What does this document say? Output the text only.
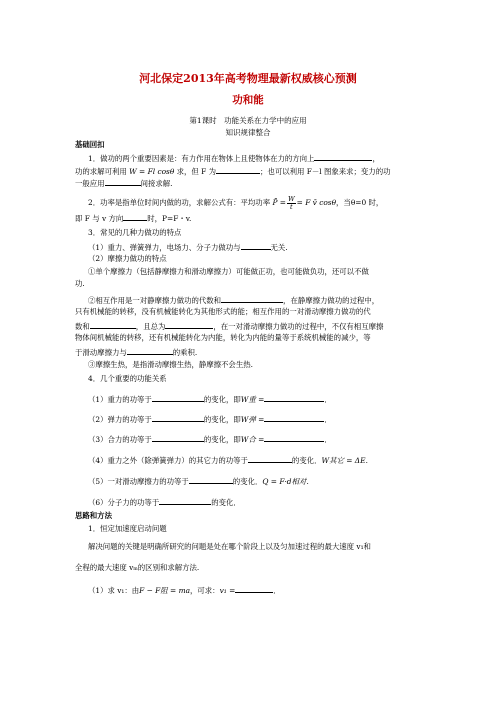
河北保定2013年高考物理最新权威核心预测
功和能
第1课时　功能关系在力学中的应用
知识规律整合
基础回扣
1．做功的两个重要因素是：有力作用在物体上且使物体在力的方向上	，
功的求解可利用 W = Fl cosθ 求，但 F 为	；也可以利用 F－l 图象来求；变力的功
一般应用	间接求解.
2．功率是指单位时间内做的功，求解公式有：平均功率 P̄ = $\frac{W}{t} = F$ v̄ cosθ，当θ=0 时，
即 F 与 v 方向	时，P=F・v.
3．常见的几种力做功的特点
（1）重力、弹簧弹力，电场力、分子力做功与	无关.
（2）摩擦力做功的特点
①单个摩擦力（包括静摩擦力和滑动摩擦力）可能做正功，也可能做负功，还可以不做
功.
②相互作用是一对静摩擦力做功的代数和	，在静摩擦力做功的过程中，
只有机械能的转移，没有机械能转化为其他形式的能；相互作用的一对滑动摩擦力做功的代
数和	，且总为	，在一对滑动摩擦力做功的过程中，不仅有相互摩擦
物体间机械能的转移，还有机械能转化为内能，转化为内能的量等于系统机械能的减少，等
于滑动摩擦力与	的乘积.
③摩擦生热，是指滑动摩擦生热，静摩擦不会生热.
4．几个重要的功能关系
（1）重力的功等于	的变化，即W重 =	．
（2）弹力的功等于	的变化，即W弹 =	．
（3）合力的功等于	的变化，即W合 =	．
（4）重力之外（除弹簧弹力）的其它力的功等于	的变化．W其它 = ΔE．
（5）一对滑动摩擦力的功等于	的变化．Q = F·d相对．
（6）分子力的功等于	的变化．
思路和方法
1．恒定加速度启动问题
解决问题的关键是明确所研究的问题是处在哪个阶段上以及匀加速过程的最大速度 v₁和
全程的最大速度 vₘ的区别和求解方法.
（1）求 v₁：由F − F阻 = ma，可求：v₁ =	．
